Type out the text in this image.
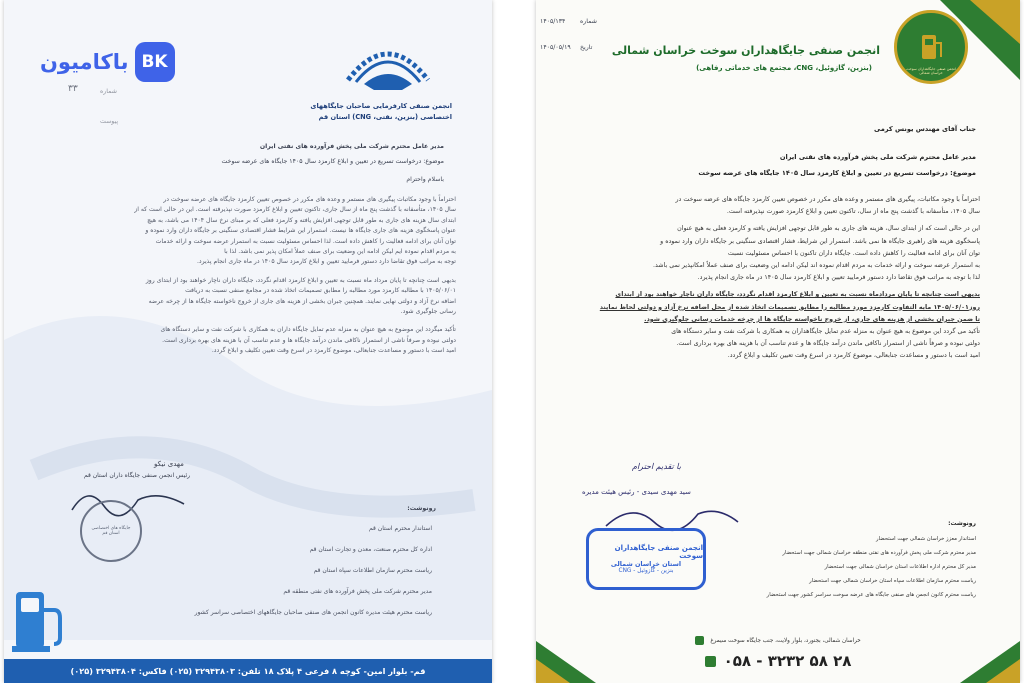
باکامیون BK
انجمن صنفی کارفرمایی صاحبان جایگاههای
اختصاصی (بنزین، نفتی، CNG) استان قم
شماره
۳۳
پیوست
مدیر عامل محترم شرکت ملی پخش فرآورده های نفتی ایران
موضوع: درخواست تسریع در تعیین و ابلاغ کارمزد سال ۱۴۰۵ جایگاه های عرضه سوخت
باسلام واحترام
احتراماً با وجود مکاتبات پیگیری های مستمر و وعده های مکرر در خصوص تعیین کارمزد جایگاه های عرضه سوخت در
سال ۱۴۰۵، متأسفانه با گذشت پنج ماه از سال جاری، تاکنون تعیین و ابلاغ کارمزد صورت نپذیرفته است. این در حالی است که از
ابتدای سال هزینه های جاری به طور قابل توجهی افزایش یافته و کارمزد فعلی که بر مبنای نرخ سال ۱۴۰۴ می باشد، به هیچ
عنوان پاسخگوی هزینه های جاری جایگاه ها نیست. استمرار این شرایط فشار اقتصادی سنگینی بر جایگاه داران وارد نموده و
توان آنان برای ادامه فعالیت را کاهش داده است. لذا احساس مسئولیت نسبت به استمرار عرضه سوخت و ارائه خدمات
به مردم اقدام نموده ایم لیکن ادامه این وضعیت برای صنف عملاً امکان پذیر نمی باشد. لذا با
توجه به مراتب فوق تقاضا دارد دستور فرمایید تعیین و ابلاغ کارمزد سال ۱۴۰۵ در ماه جاری انجام پذیرد.
بدیهی است چنانچه تا پایان مرداد ماه نسبت به تعیین و ابلاغ کارمزد اقدام نگردد، جایگاه داران ناچار خواهند بود از ابتدای روز
۱۴۰۵/۰۶/۰۱ با مطالبه کارمزد مورد مطالبه را مطابق تصمیمات اتخاذ شده در مجامع صنفی نسبت به دریافت
اضافه نرخ آزاد و دولتی نهایی نمایند. همچنین جبران بخشی از هزینه های جاری از خروج ناخواسته جایگاه ها از چرخه عرضه
رسانی جلوگیری شود.
تأکید میگردد این موضوع به هیچ عنوان به منزله عدم تمایل جایگاه داران به همکاری با شرکت نفت و سایر دستگاه های
دولتی نبوده و صرفاً ناشی از استمرار ناکافی ماندن درآمد جایگاه ها و عدم تناسب آن با هزینه های بهره برداری است.
امید است با دستور و مساعدت جنابعالی، موضوع کارمزد در اسرع وقت تعیین تکلیف و ابلاغ گردد.
مهدی نیکو
رئیس انجمن صنفی جایگاه داران استان قم
جایگاه های اختصاصی استان قم
رونوشت:
استاندار محترم استان قم
اداره کل محترم صنعت، معدن و تجارت استان قم
ریاست محترم سازمان اطلاعات سپاه استان قم
مدیر محترم شرکت ملی پخش فرآورده های نفتی منطقه قم
ریاست محترم هیئت مدیره کانون انجمن های صنفی صاحبان جایگاههای اختصاصی سراسر کشور
قم- بلوار امین- کوچه ۸ فرعی ۴ پلاک ۱۸ تلفن: ۳۲۹۴۳۸۰۳ (۰۲۵) فاکس: ۳۲۹۴۳۸۰۴ (۰۲۵)
انجمن صنفی جایگاهداران سوخت خراسان شمالی
انجمن صنفی جایگاهداران سوخت خراسان شمالی
(بنزین، گازوئیل، CNG، مجتمع های خدماتی رفاهی)
شماره
۱۴۰۵/۱۳۴
تاریخ
۱۴۰۵/۰۵/۱۹
جناب آقای مهندس یونس کرمی
مدیر عامل محترم شرکت ملی پخش فرآورده های نفتی ایران
موضوع: درخواست تسریع در تعیین و ابلاغ کارمزد سال ۱۴۰۵ جایگاه های عرضه سوخت
احتراماً با وجود مکاتبات، پیگیری های مستمر و وعده های مکرر در خصوص تعیین کارمزد جایگاه های عرضه سوخت در
سال ۱۴۰۵، متأسفانه با گذشت پنج ماه از سال، تاکنون تعیین و ابلاغ کارمزد صورت نپذیرفته است.
این در حالی است که از ابتدای سال، هزینه های جاری به طور قابل توجهی افزایش یافته و کارمزد فعلی به هیچ عنوان
پاسخگوی هزینه های راهبری جایگاه ها نمی باشد. استمرار این شرایط، فشار اقتصادی سنگینی بر جایگاه داران وارد نموده و
توان آنان برای ادامه فعالیت را کاهش داده است. جایگاه داران تاکنون با احساس مسئولیت نسبت
به استمرار عرضه سوخت و ارائه خدمات به مردم اقدام نموده اند لیکن ادامه این وضعیت برای صنف عملاً امکانپذیر نمی باشد.
لذا با توجه به مراتب فوق تقاضا دارد دستور فرمایید تعیین و ابلاغ کارمزد سال ۱۴۰۵ در ماه جاری انجام پذیرد.
بدیهی است چنانچه تا پایان مردادماه نسبت به تعیین و ابلاغ کارمزد اقدام نگردد، جایگاه داران ناچار خواهند بود از ابتدای
روز۱۴۰۵/۰۶/۰۱ مابه التفاوت کارمزد مورد مطالبه را مطابق تصمیمات اتخاذ شده از محل اضافه نرخ آزاد و دولتی لحاظ نمایند
تا ضمن جبران بخشی از هزینه های جاری، از خروج ناخواسته جایگاه ها از چرخه خدمات رسانی جلوگیری شود.
تأکید می گردد این موضوع به هیچ عنوان به منزله عدم تمایل جایگاهداران به همکاری با شرکت نفت و سایر دستگاه های
دولتی نبوده و صرفاً ناشی از استمرار ناکافی ماندن درآمد جایگاه ها و عدم تناسب آن با هزینه های بهره برداری است.
امید است با دستور و مساعدت جنابعالی، موضوع کارمزد در اسرع وقت تعیین تکلیف و ابلاغ گردد.
با تقدیم احترام
سید مهدی سیدی - رئیس هیئت مدیره
انجمن صنفی جایگاهداران سوخت
استان خراسان شمالی
بنزین - گازوئیل - CNG
رونوشت:
استاندار معزز خراسان شمالی جهت استحضار
مدیر محترم شرکت ملی پخش فرآورده های نفتی منطقه خراسان شمالی جهت استحضار
مدیر کل محترم اداره اطلاعات استان خراسان شمالی جهت استحضار
ریاست محترم سازمان اطلاعات سپاه استان خراسان شمالی جهت استحضار
ریاست محترم کانون انجمن های صنفی جایگاه های عرضه سوخت سراسر کشور جهت استحضار
خراسان شمالی، بجنورد، بلوار ولایت، جنب جایگاه سوخت سیمرغ
۰۵۸ - ۳۲۳۲ ۵۸ ۲۸
